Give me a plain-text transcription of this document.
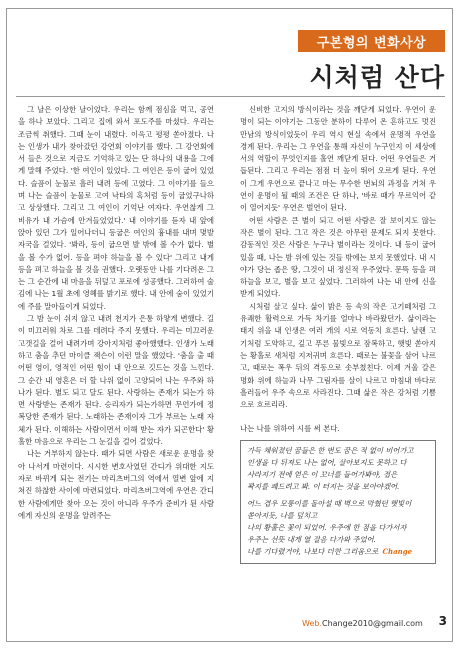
구본형의 변화사상
시처럼 산다

그 날은 이상한 날이었다. 우리는 함께 점심을 먹고, 공연을 하나 보았다. 그리고 집에 와서 포도주를 마셨다. 우리는 조금씩 취했다. 그때 눈이 내렸다. 이윽고 평평 쏟아졌다. 나는 인생가 내가 찾아갔던 강연회 이야기를 했다. 그 강연회에서 들은 것으로 지금도 기억하고 있는 단 하나의 내용을 그에게 말해 주었다. '한 여인이 있었다. 그 여인은 등이 굽어 있었다. 슬픔이 눈물로 흘러 내려 등에 고였다. 그 이야기를 들으며 나는 슬픔이 눈물로 고여 낙타의 혹처럼 등이 굽었구나하고 상상했다. 그리고 그 여인이 기억난 여자다. 우연찮게 그 비유가 내 가슴에 안겨들었었다.' 내 이야기를 듣자 내 앞에 앉아 있던 그가 일어나더니 등굽은 여인의 흉내를 내며 몇발자국을 걸었다. '봐라, 등이 굽으면 발 밖에 볼 수가 없다. 별을 볼 수가 없어. 등을 펴야 하늘을 볼 수 있다' 그리고 내게 등을 펴고 하늘을 볼 것을 권했다. 오랫동안 나를 기다려온 그는 그 순간에 내 마음을 뒤덮고 포로에 성공했다. 그러하여 술김에 나는 1월 초에 영혜를 밝기로 했다. 내 안에 숨이 있었기에 주를 말아들이게 되었다.

그 밤 눈이 쉬지 않고 내려 천지가 은통 하얗게 변했다. 길이 미끄러워 차로 그를 데려다 주지 못했다. 우리는 미끄러운 고갯길을 걸어 내려가며 강아지처럼 좋아했했다. 인생가 노래하고 춤을 추던 마이클 잭슨이 이런 말을 했었다. '춤을 출 때 어떤 영이, 영적인 어떤 힘이 내 안으로 깃드는 것을 느낀다. 그 순간 내 영혼은 더 할 나위 없이 고양되어 나는 우주와 하나가 된다. 별도 되고 달도 된다. 사랑하는 존재가 되는가 하면 사랑받는 존재가 된다. 승리자가 되는가하면 무언가에 정복당한 존재가 된다. 노래하는 존재이자 그가 부르는 노래 자체가 된다. 이해하는 사람이면서 이해 받는 자가 되곤한다' 황홀한 마음으로 우리는 그 눈길을 걸어 걸었다.

나는 거부하지 않는다. 때가 되면 사람은 새로운 운명을 찾아 나서게 마련이다. 시시한 변호사였던 간디가 위대한 지도자로 바뀌게 되는 전기는 마리츠버그의 역에서 열변 앞에 지쳐진 하찮한 사이에 마련되었다. 마리츠버그역에 우연은 간디 한 사람에게만 찾아 오는 것이 아니라 우주가 준비가 된 사람에게 자신의 운명을 알려주는

신비한 고지의 방식이라는 것을 깨닫게 되었다. 우연이 운명이 되는 이야기는 그동안 분하이 다루어 온 흔하고도 멋진 만남의 방식이었듯이 우리 역시 현실 속에서 운명적 우연을 경계 된다. 우리는 그 우연을 통해 자신이 누구인지 이 세상에서의 역할이 무엇인지를 홀연 깨닫게 된다. 어떤 우연들은 거듭된다. 그리고 우리는 점점 더 높이 뛰어 오르게 된다. 우연이 그게 우연으로 끝나고 마는 무수한 번뇌의 과정을 거쳐 우연이 운명이 될 때의 조건은 단 하나, '바로 때가 무르익어 같이 열어지듯' 우연은 벌연이 된다.

어떤 사람은 큰 별이 되고 어떤 사람은 잘 보이지도 않는 작은 별이 된다. 그고 작은 것은 아무런 문제도 되지 못한다. 감동적인 것은 사람은 누구나 별이라는 것이다. 내 등이 굽어 있을 때, 나는 밤 위에 있는 것들 밖에는 보지 못했었다. 내 시야가 당는 좁은 땅, 그것이 내 정신적 우주였다. 문뜩 등을 펴 하늘을 보고, 별을 보고 싶었다. 그러하여 나는 내 안에 신을 받게 되었다.

시처럼 살고 싶다. 삶이 밝은 등 속의 작은 고기떼처럼 그 유쾌한 활력으로 가득 차기를 얼마나 바라왔던가. 삶이라는 태지 위을 내 인생은 여러 개의 시로 역동치 흐른다. 날랜 고기처럼 도약하고, 깊고 푸른 물빛으로 잠복하고, 햇빛 쏟아지는 황홀로 새처럼 지저귀며 흐른다. 때로는 불꽃을 삼어 나르고, 때로는 폭우 뒤의 격동으로 솟부쳤친다. 이제 겨울 갈은 명화 위에 하늘과 나무 그림자를 살이 나르고 마침내 바다로 흘러들어 우주 속으로 사라진다. 그때 삶은 작은 강처럼 기쁨으로 흐르리라.

나는 나를 위하여 시를 써 본다.

가득 채워졌던 꿈들은 한 번도 꿈은 적 없이 비어가고
인생을 다 뒤져도 나는 없어, 살아보지도 못하고 다
사라지기 전에 얻은 이 꼬너를 들어가봐야, 접은
꽉지를 쾌드려고 봐. 이 터지는 것을 보아야겠어.
어느 겹우 모퉁이를 돌아설 때 벽으로 막혔던 햇빛이
쏟아지듯, 나를 덮치고
나의 황홀은 꽃이 되었어. 우주에 한 점을 다가서자
우주는 선뜻 내게 열 걸음 다가와 주었어.
나를 기다렸거야, 나보다 더한 그리움으로 Change
Web.Change2010@gmail.com 3
